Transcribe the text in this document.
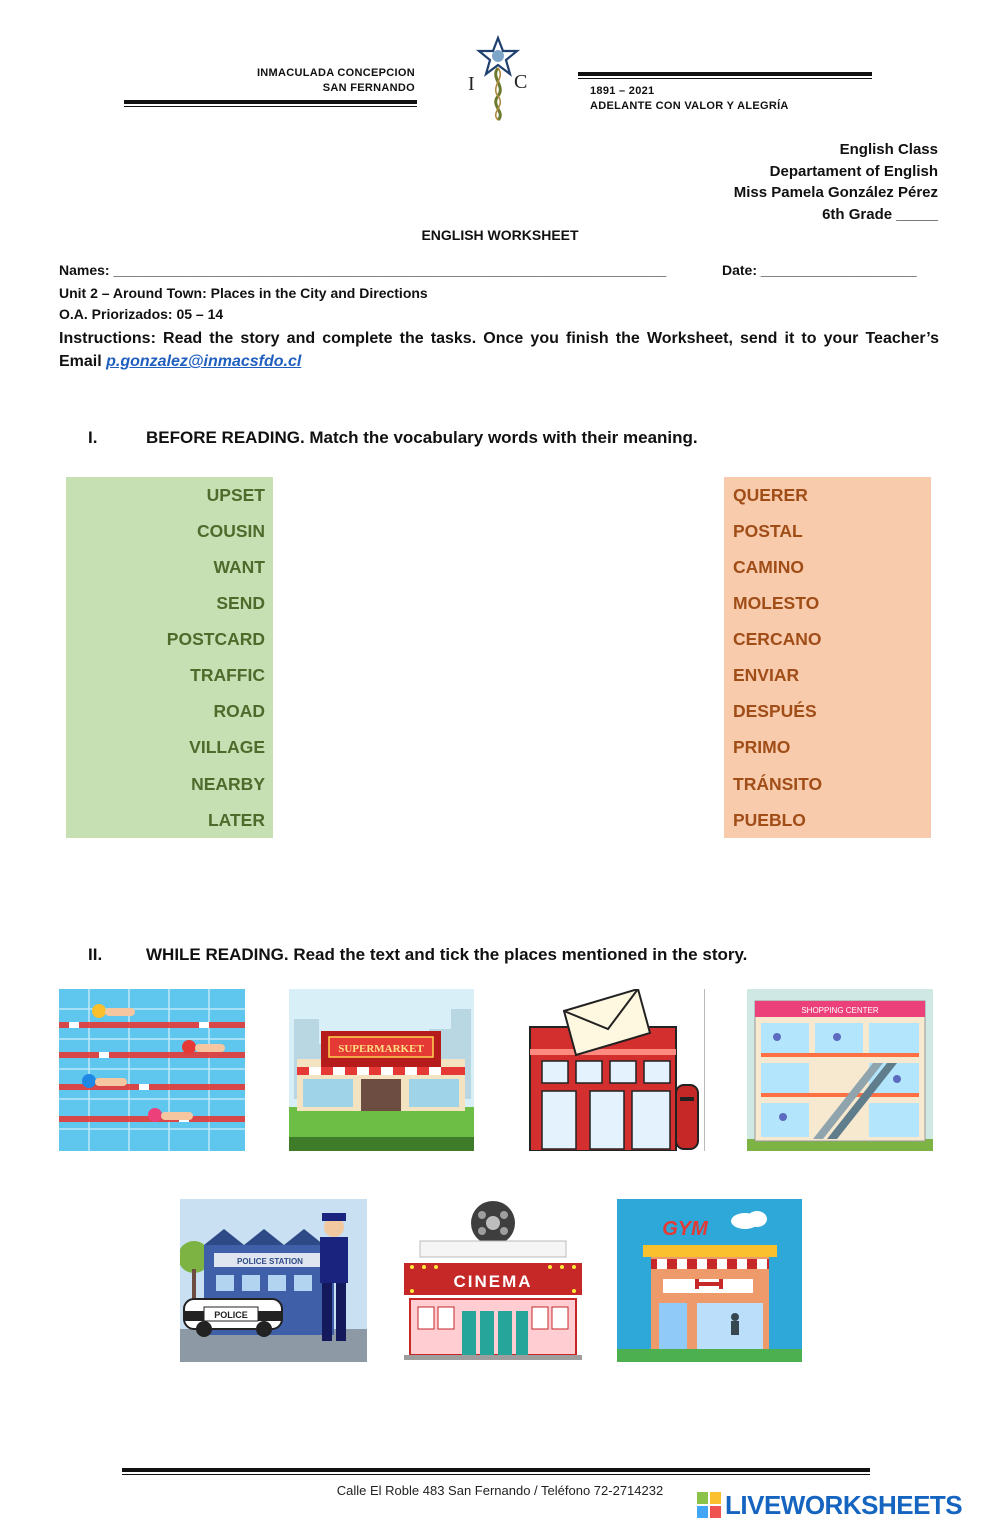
INMACULADA CONCEPCION
SAN FERNANDO	I C	1891 – 2021
ADELANTE CON VALOR Y ALEGRÍA
English Class
Departament of English
Miss Pamela González Pérez
6th Grade _____
ENGLISH WORKSHEET
Names: _______________________________________________________________________	Date: ____________________
Unit 2 – Around Town: Places in the City and Directions
O.A. Priorizados: 05 – 14
Instructions: Read the story and complete the tasks. Once you finish the Worksheet, send it to your Teacher’s Email p.gonzalez@inmacsfdo.cl
I.	BEFORE READING. Match the vocabulary words with their meaning.
UPSET
COUSIN
WANT
SEND
POSTCARD
TRAFFIC
ROAD
VILLAGE
NEARBY
LATER
QUERER
POSTAL
CAMINO
MOLESTO
CERCANO
ENVIAR
DESPUÉS
PRIMO
TRÁNSITO
PUEBLO
II.	WHILE READING. Read the text and tick the places mentioned in the story.
SUPERMARKET
SHOPPING CENTER
POLICE STATION
POLICE
CINEMA
GYM
Calle El Roble 483 San Fernando / Teléfono 72-2714232	LIVEWORKSHEETS
